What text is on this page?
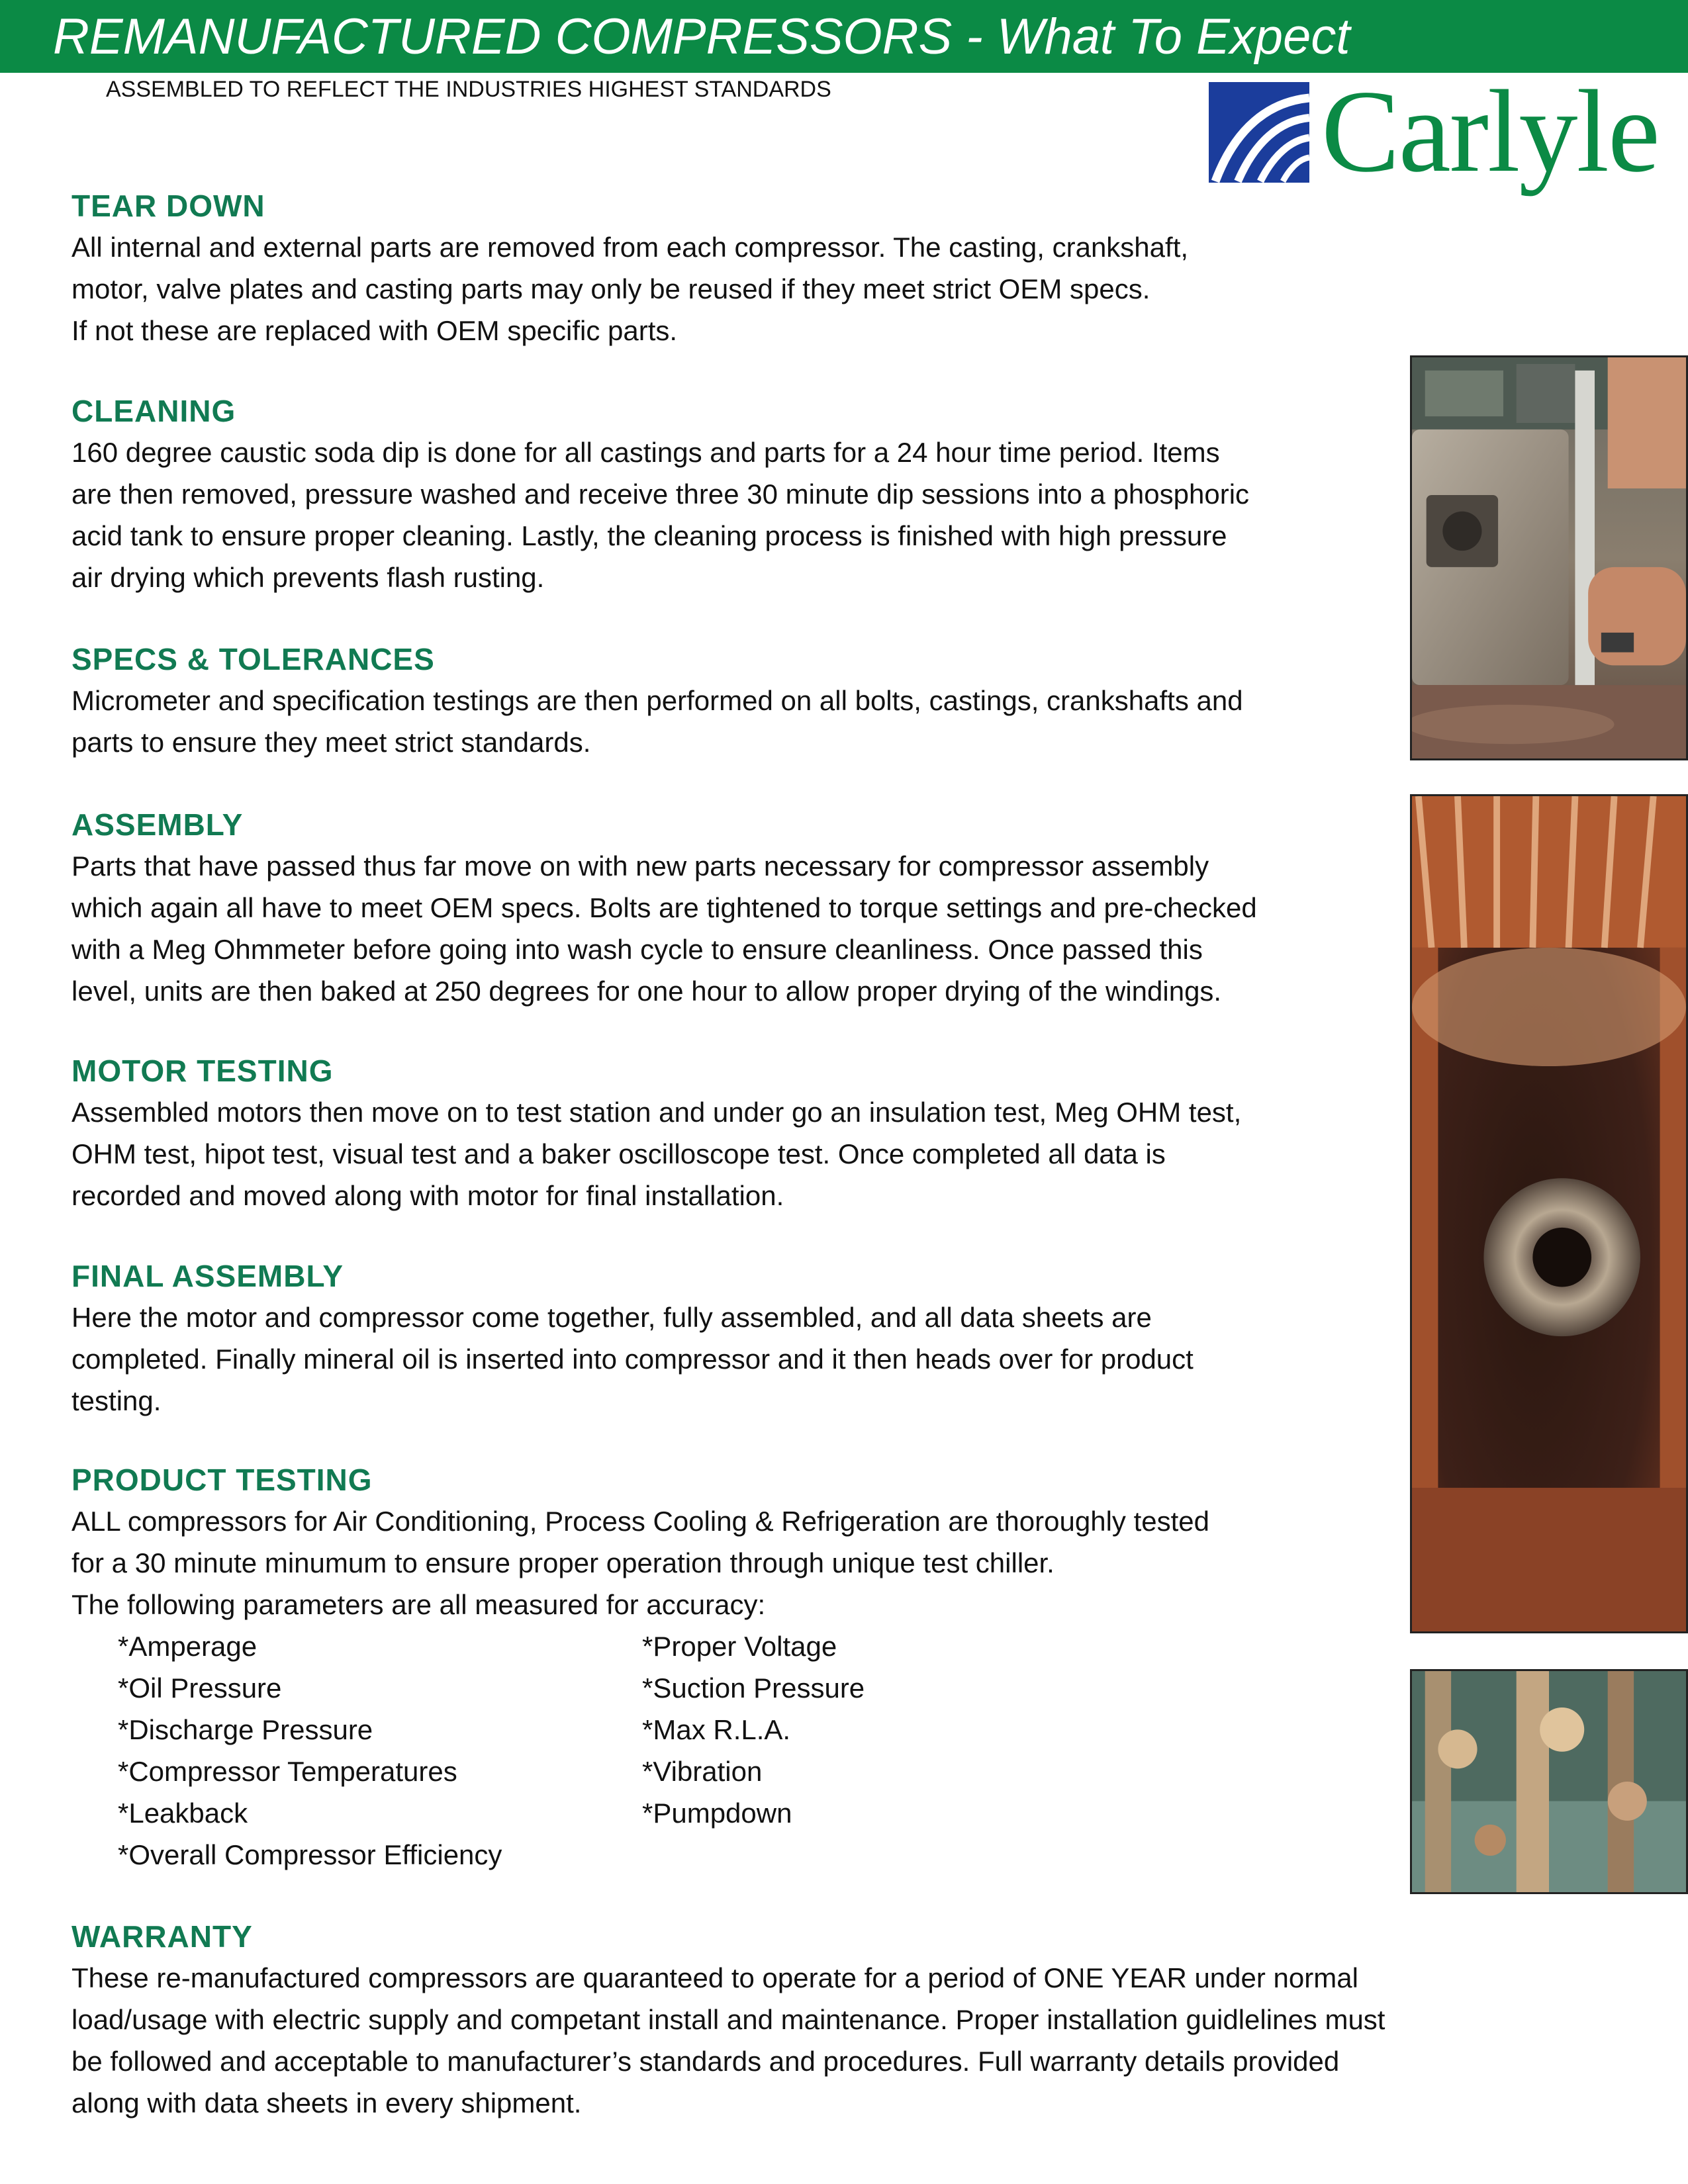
REMANUFACTURED COMPRESSORS - What To Expect
ASSEMBLED TO REFLECT THE INDUSTRIES HIGHEST STANDARDS	Carlyle
TEAR DOWN
All internal and external parts are removed from each compressor. The casting, crankshaft,
motor, valve plates and casting parts may only be reused if they meet strict OEM specs.
If not these are replaced with OEM specific parts.
CLEANING
160 degree caustic soda dip is done for all castings and parts for a 24 hour time period. Items
are then removed, pressure washed and receive three 30 minute dip sessions into a phosphoric
acid tank to ensure proper cleaning. Lastly, the cleaning process is finished with high pressure
air drying which prevents flash rusting.
SPECS & TOLERANCES
Micrometer and specification testings are then performed on all bolts, castings, crankshafts and
parts to ensure they meet strict standards.
ASSEMBLY
Parts that have passed thus far move on with new parts necessary for compressor assembly
which again all have to meet OEM specs. Bolts are tightened to torque settings and pre-checked
with a Meg Ohmmeter before going into wash cycle to ensure cleanliness. Once passed this
level, units are then baked at 250 degrees for one hour to allow proper drying of the windings.
MOTOR TESTING
Assembled motors then move on to test station and under go an insulation test, Meg OHM test,
OHM test, hipot test, visual test and a baker oscilloscope test. Once completed all data is
recorded and moved along with motor for final installation.
FINAL ASSEMBLY
Here the motor and compressor come together, fully assembled, and all data sheets are
completed. Finally mineral oil is inserted into compressor and it then heads over for product
testing.
PRODUCT TESTING
ALL compressors for Air Conditioning, Process Cooling & Refrigeration are thoroughly tested
for a 30 minute minumum to ensure proper operation through unique test chiller.
The following parameters are all measured for accuracy:
*Amperage
*Oil Pressure
*Discharge Pressure
*Compressor Temperatures
*Leakback
*Overall Compressor Efficiency
*Proper Voltage
*Suction Pressure
*Max R.L.A.
*Vibration
*Pumpdown
WARRANTY
These re-manufactured compressors are quaranteed to operate for a period of ONE YEAR under normal
load/usage with electric supply and competant install and maintenance. Proper installation guidlelines must
be followed and acceptable to manufacturer’s standards and procedures. Full warranty details provided
along with data sheets in every shipment.
